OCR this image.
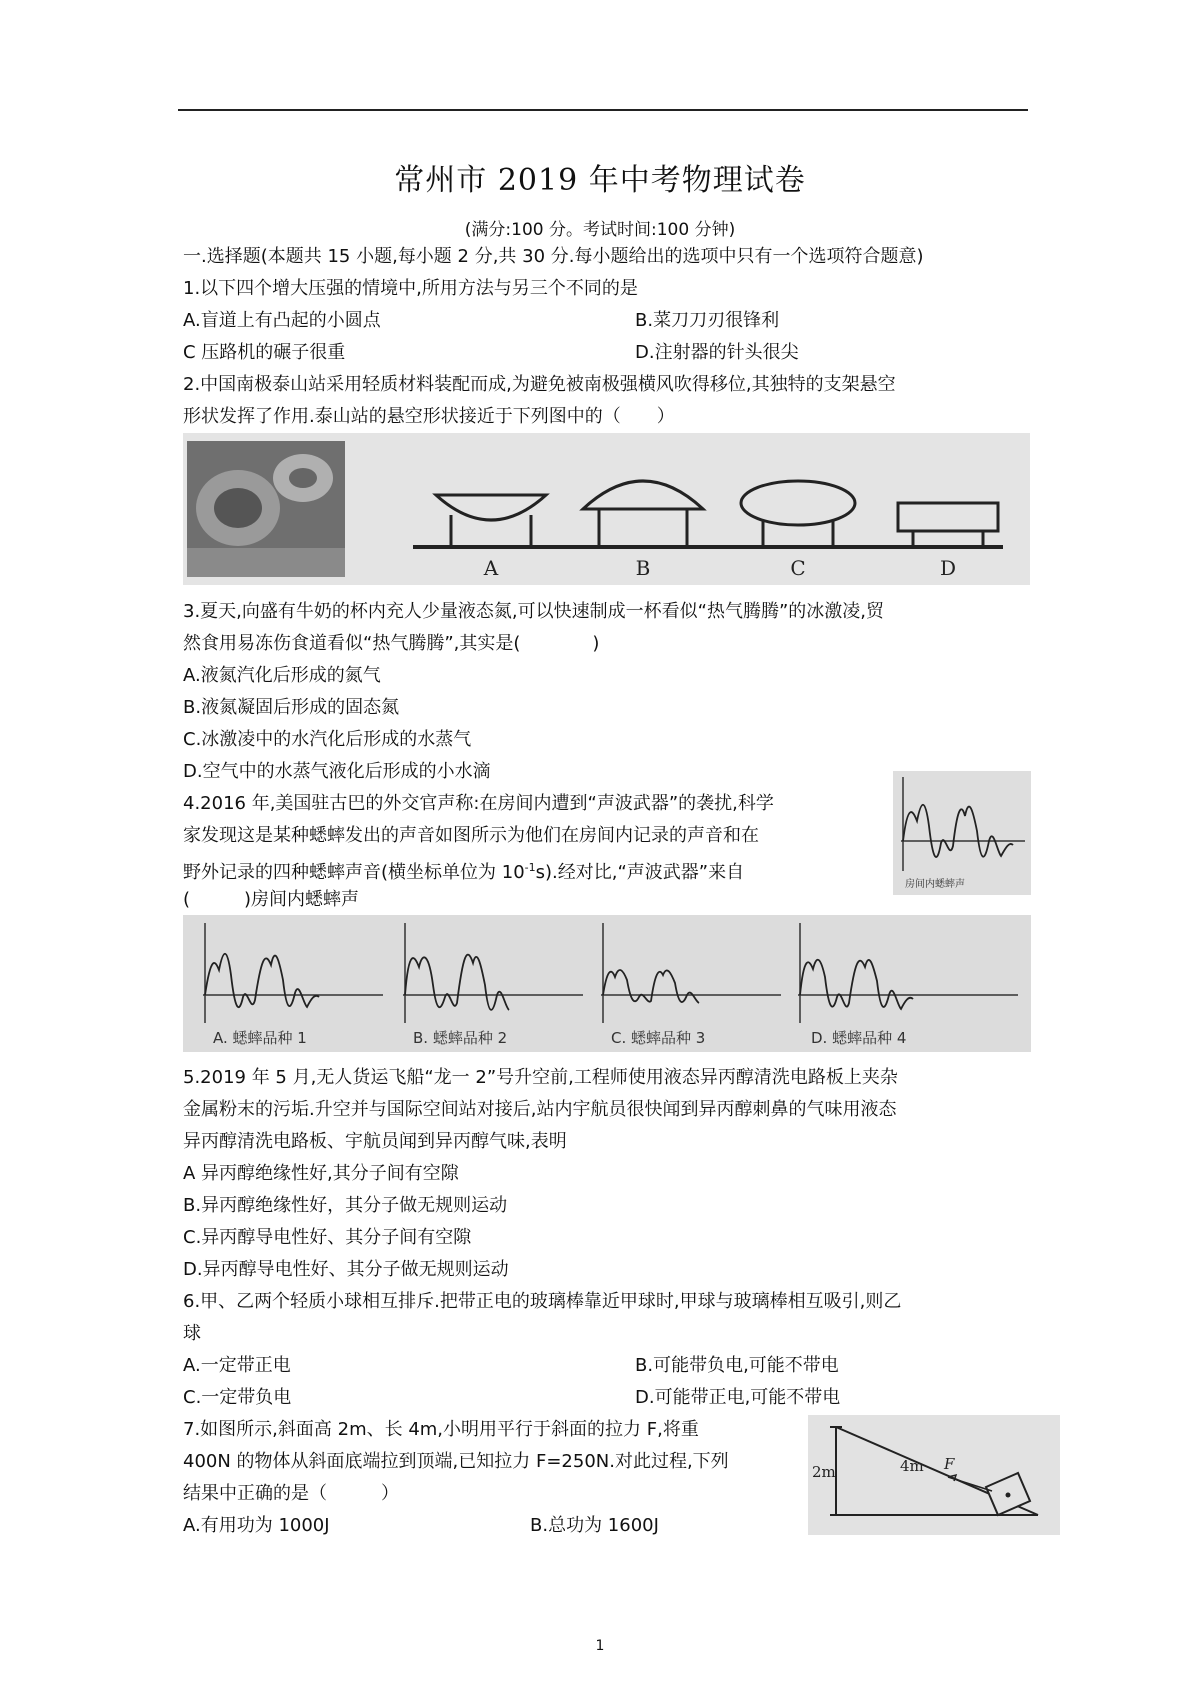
常州市 2019 年中考物理试卷
(满分:100 分。考试时间:100 分钟)
一.选择题(本题共 15 小题,每小题 2 分,共 30 分.每小题给出的选项中只有一个选项符合题意)
1.以下四个增大压强的情境中,所用方法与另三个不同的是
A.盲道上有凸起的小圆点	B.菜刀刀刃很锋利
C 压路机的碾子很重	D.注射器的针头很尖
2.中国南极泰山站采用轻质材料装配而成,为避免被南极强横风吹得移位,其独特的支架悬空
形状发挥了作用.泰山站的悬空形状接近于下列图中的（　　）
A	B	C	D
3.夏天,向盛有牛奶的杯内充人少量液态氮,可以快速制成一杯看似“热气腾腾”的冰激凌,贸
然食用易冻伤食道看似“热气腾腾”,其实是(　　　　)
A.液氮汽化后形成的氮气
B.液氮凝固后形成的固态氮
C.冰激凌中的水汽化后形成的水蒸气
D.空气中的水蒸气液化后形成的小水滴
4.2016 年,美国驻古巴的外交官声称:在房间内遭到“声波武器”的袭扰,科学
家发现这是某种蟋蟀发出的声音如图所示为他们在房间内记录的声音和在
野外记录的四种蟋蟀声音(横坐标单位为 $10^{-1}s$).经对比,“声波武器”来自
(　　　)房间内蟋蟀声
房间内蟋蟀声
A. 蟋蟀品种 1	B. 蟋蟀品种 2	C. 蟋蟀品种 3	D. 蟋蟀品种 4
5.2019 年 5 月,无人货运飞船“龙一 2”号升空前,工程师使用液态异丙醇清洗电路板上夹杂
金属粉末的污垢.升空并与国际空间站对接后,站内宇航员很快闻到异丙醇刺鼻的气味用液态
异丙醇清洗电路板、宇航员闻到异丙醇气味,表明
A 异丙醇绝缘性好,其分子间有空隙
B.异丙醇绝缘性好，其分子做无规则运动
C.异丙醇导电性好、其分子间有空隙
D.异丙醇导电性好、其分子做无规则运动
6.甲、乙两个轻质小球相互排斥.把带正电的玻璃棒靠近甲球时,甲球与玻璃棒相互吸引,则乙
球
A.一定带正电	B.可能带负电,可能不带电
C.一定带负电	D.可能带正电,可能不带电
7.如图所示,斜面高 2m、长 4m,小明用平行于斜面的拉力 F,将重
400N 的物体从斜面底端拉到顶端,已知拉力 F=250N.对此过程,下列
结果中正确的是（　　　）
A.有用功为 1000J	B.总功为 1600J
2m	4m F
1
